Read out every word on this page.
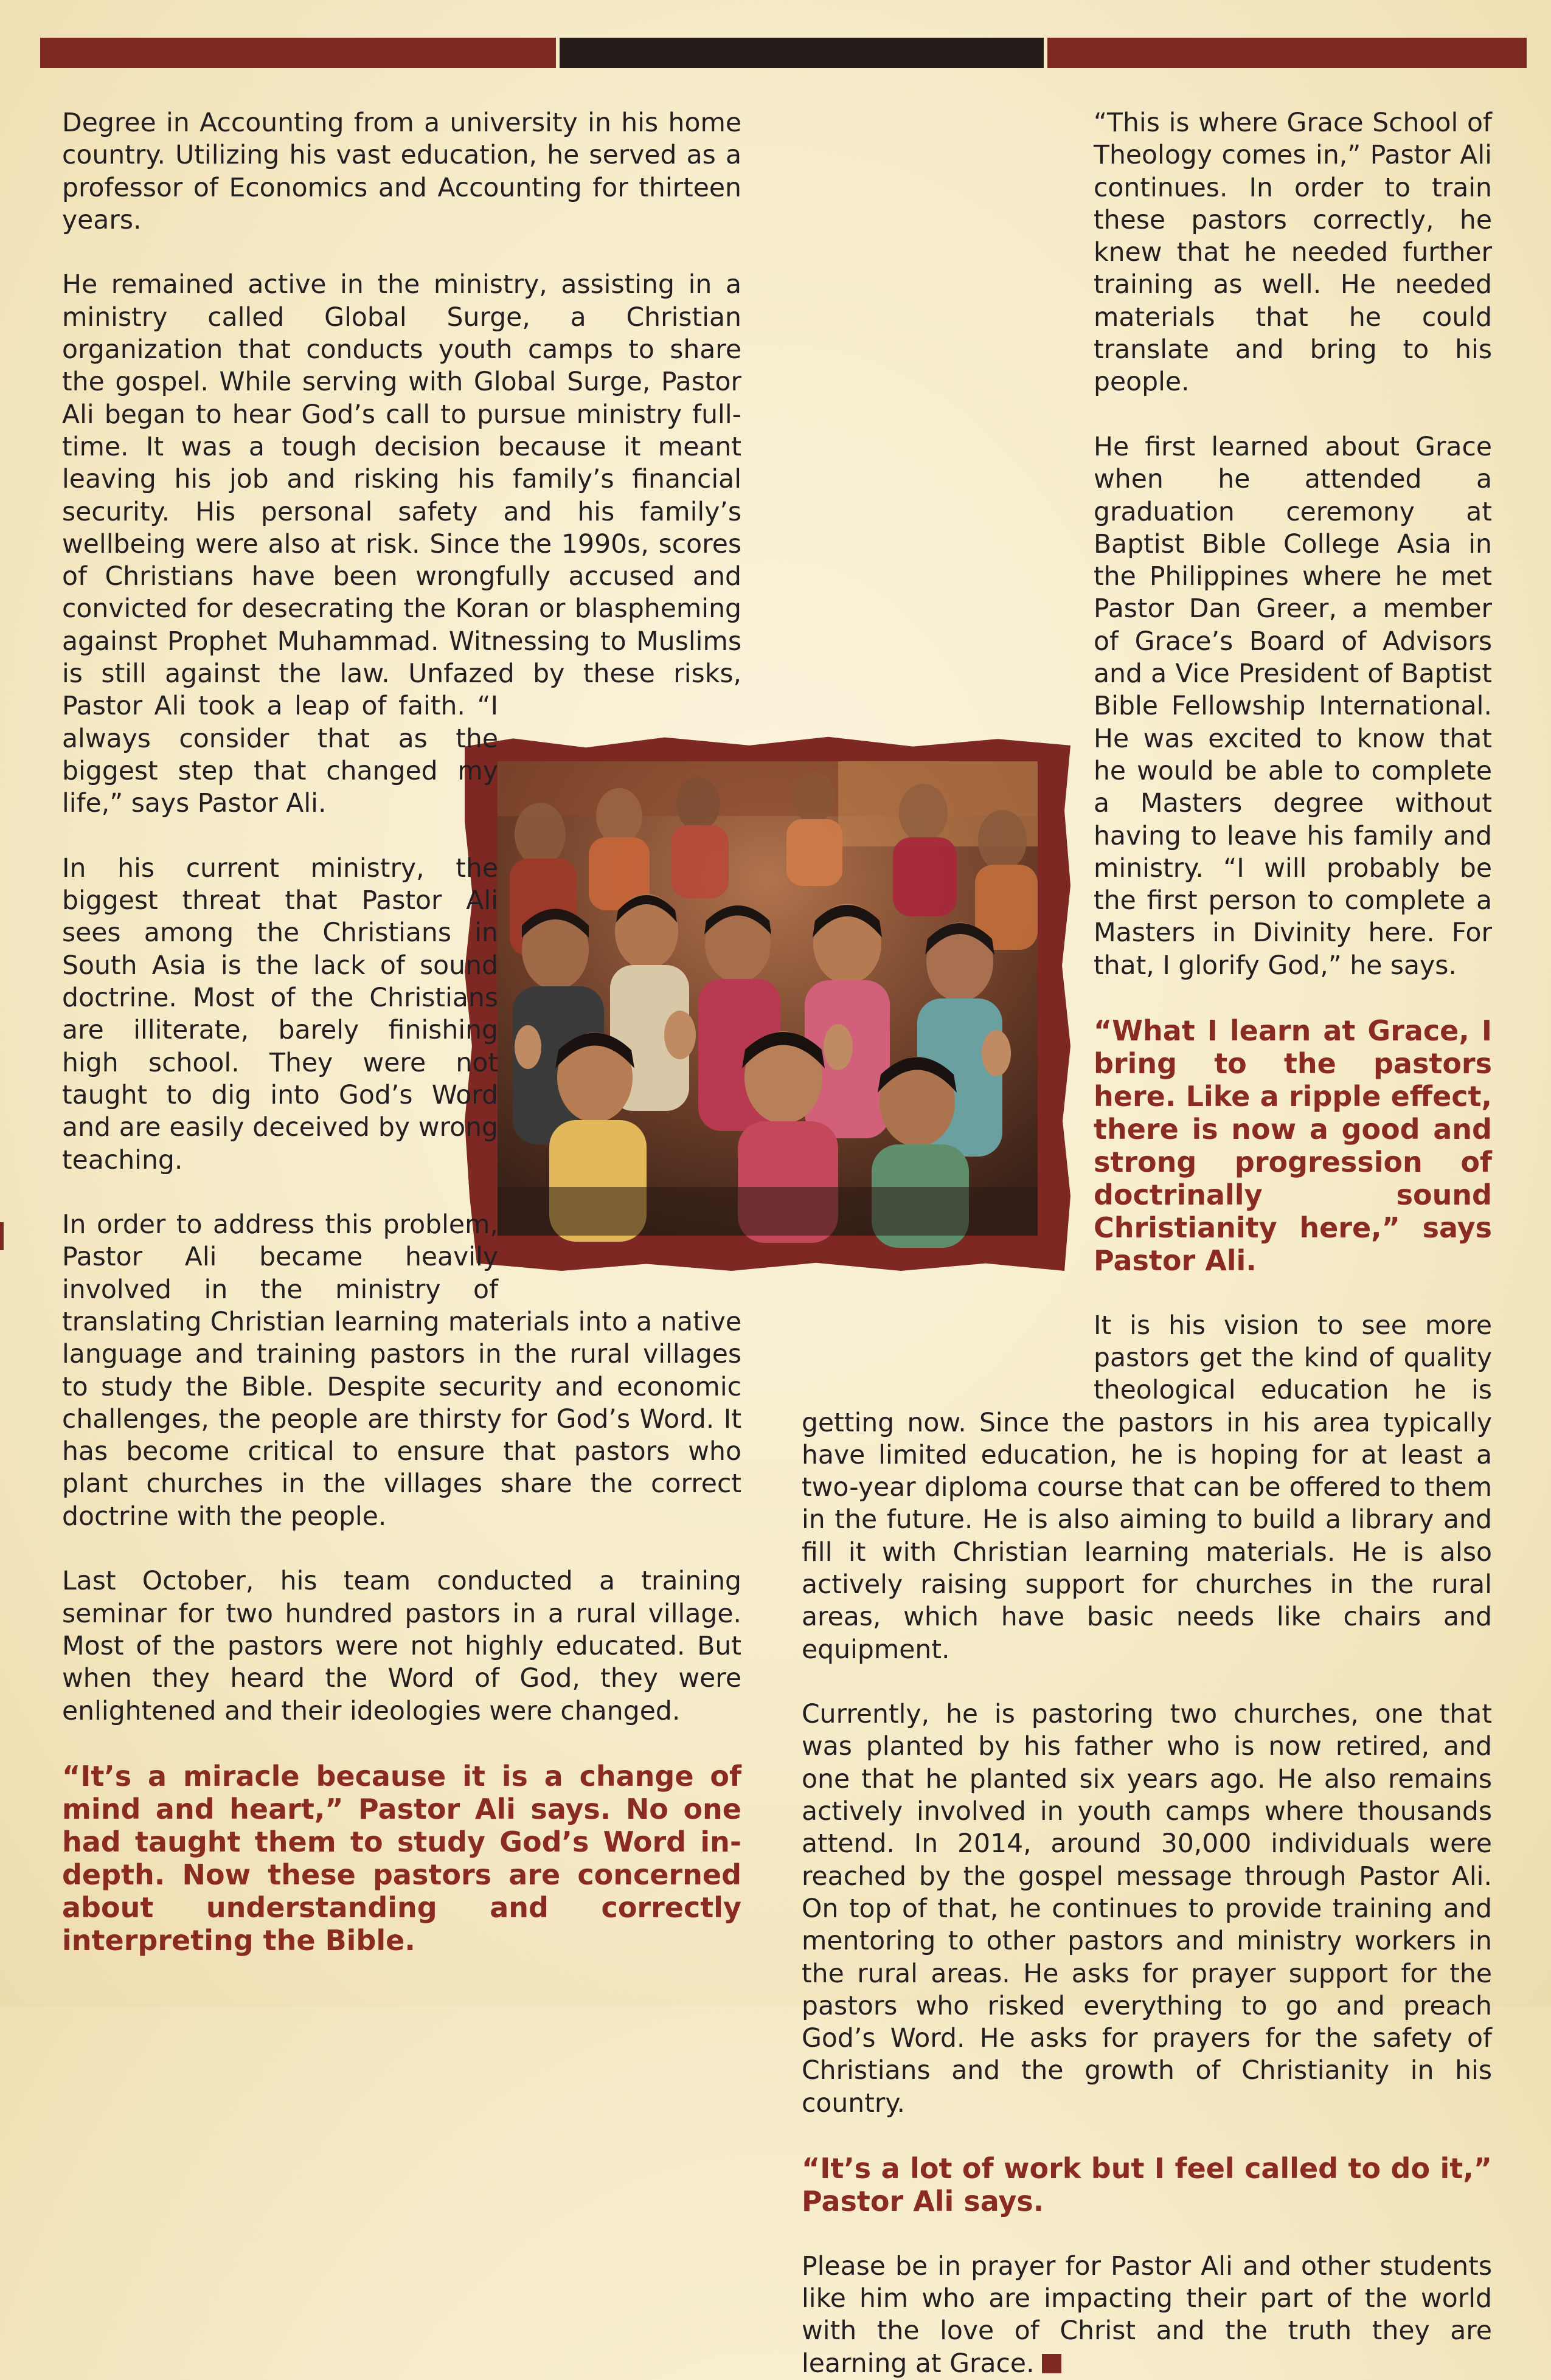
Degree in Accounting from a university in his home country. Utilizing his vast education, he served as a professor of Economics and Accounting for thirteen years.

He remained active in the ministry, assisting in a ministry called Global Surge, a Christian organization that conducts youth camps to share the gospel. While serving with Global Surge, Pastor Ali began to hear God’s call to pursue ministry full-time. It was a tough decision because it meant leaving his job and risking his family’s financial security. His personal safety and his family’s wellbeing were also at risk. Since the 1990s, scores of Christians have been wrongfully accused and convicted for desecrating the Koran or blaspheming against Prophet Muhammad. Witnessing to Muslims is still against the law. Unfazed by these risks, Pastor Ali took a leap of faith. “I always consider that as the biggest step that changed my life,” says Pastor Ali.

In his current ministry, the biggest threat that Pastor Ali sees among the Christians in South Asia is the lack of sound doctrine. Most of the Christians are illiterate, barely finishing high school. They were not taught to dig into God’s Word and are easily deceived by wrong teaching.

In order to address this problem, Pastor Ali became heavily involved in the ministry of translating Christian learning materials into a native language and training pastors in the rural villages to study the Bible. Despite security and economic challenges, the people are thirsty for God’s Word. It has become critical to ensure that pastors who plant churches in the villages share the correct doctrine with the people.

Last October, his team conducted a training seminar for two hundred pastors in a rural village. Most of the pastors were not highly educated. But when they heard the Word of God, they were enlightened and their ideologies were changed.

“It’s a miracle because it is a change of mind and heart,” Pastor Ali says. No one had taught them to study God’s Word in-depth. Now these pastors are concerned about understanding and correctly interpreting the Bible.

“This is where Grace School of Theology comes in,” Pastor Ali continues. In order to train these pastors correctly, he knew that he needed further training as well. He needed materials that he could translate and bring to his people.

He first learned about Grace when he attended a graduation ceremony at Baptist Bible College Asia in the Philippines where he met Pastor Dan Greer, a member of Grace’s Board of Advisors and a Vice President of Baptist Bible Fellowship International. He was excited to know that he would be able to complete a Masters degree without having to leave his family and ministry. “I will probably be the first person to complete a Masters in Divinity here. For that, I glorify God,” he says.

“What I learn at Grace, I bring to the pastors here. Like a ripple effect, there is now a good and strong progression of doctrinally sound Christianity here,” says Pastor Ali.

It is his vision to see more pastors get the kind of quality theological education he is getting now. Since the pastors in his area typically have limited education, he is hoping for at least a two-year diploma course that can be offered to them in the future. He is also aiming to build a library and fill it with Christian learning materials. He is also actively raising support for churches in the rural areas, which have basic needs like chairs and equipment.

Currently, he is pastoring two churches, one that was planted by his father who is now retired, and one that he planted six years ago. He also remains actively involved in youth camps where thousands attend. In 2014, around 30,000 individuals were reached by the gospel message through Pastor Ali. On top of that, he continues to provide training and mentoring to other pastors and ministry workers in the rural areas. He asks for prayer support for the pastors who risked everything to go and preach God’s Word. He asks for prayers for the safety of Christians and the growth of Christianity in his country.

“It’s a lot of work but I feel called to do it,” Pastor Ali says.

Please be in prayer for Pastor Ali and other students like him who are impacting their part of the world with the love of Christ and the truth they are learning at Grace.
